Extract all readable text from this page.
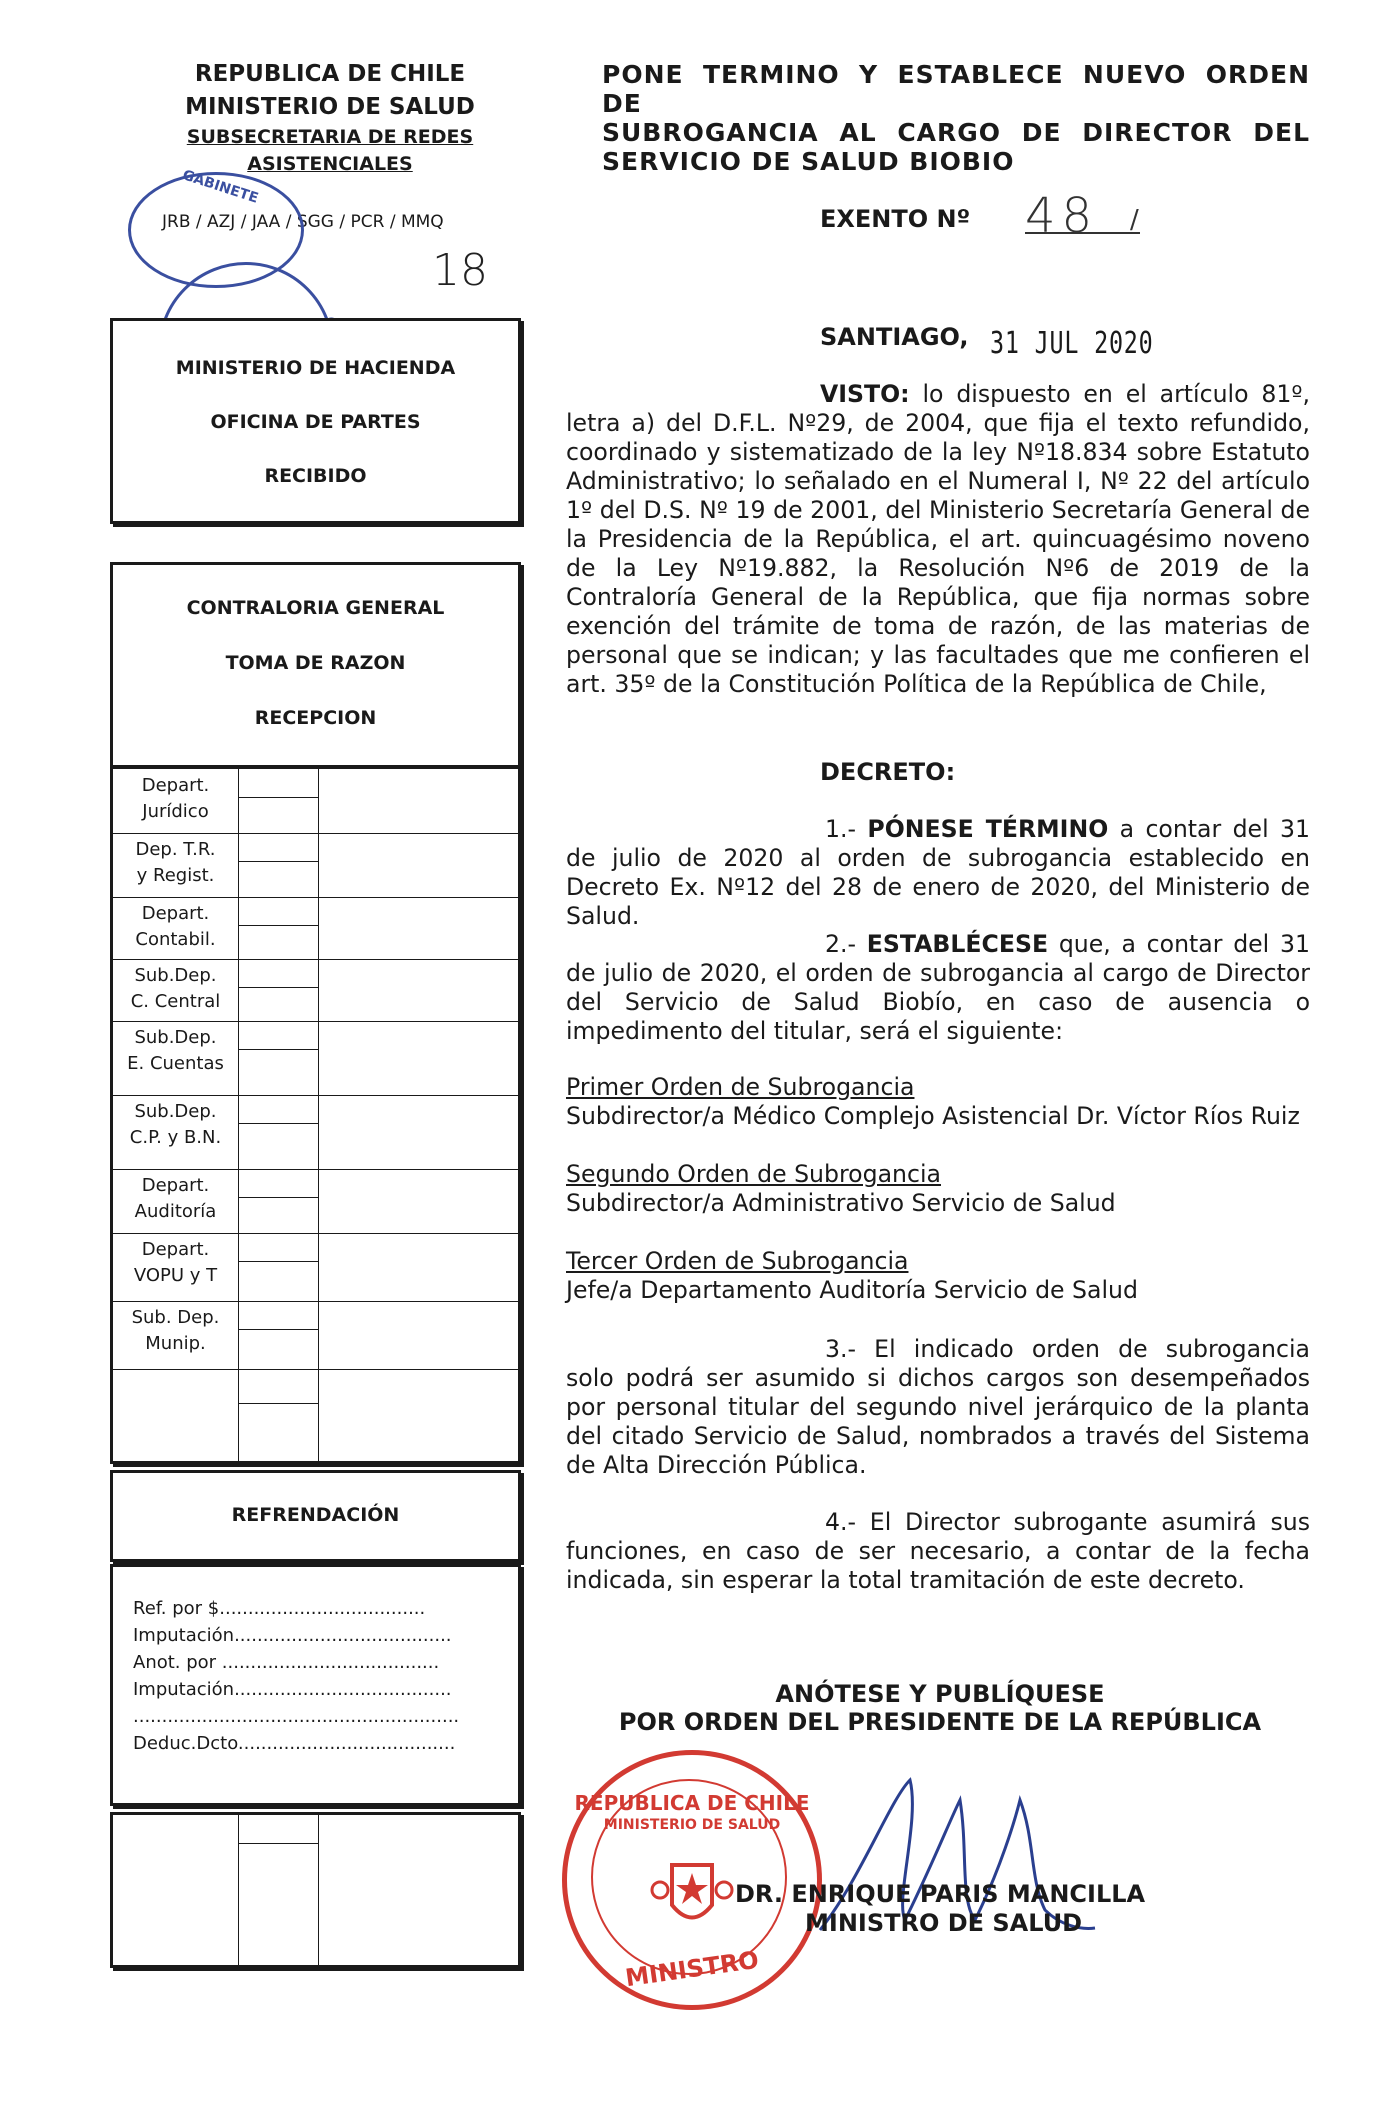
REPUBLICA DE CHILE
MINISTERIO DE SALUD
SUBSECRETARIA DE REDES
ASISTENCIALES
JRB / AZJ / JAA / SGG / PCR / MMQ
18
GABINETE
PONE TERMINO Y ESTABLECE NUEVO ORDEN DE
SUBROGANCIA AL CARGO DE DIRECTOR DEL
SERVICIO DE SALUD BIOBIO
EXENTO Nº 48 /
SANTIAGO, 31 JUL 2020
VISTO: lo dispuesto en el artículo 81º, letra a) del D.F.L. Nº29, de 2004, que fija el texto refundido, coordinado y sistematizado de la ley Nº18.834 sobre Estatuto Administrativo; lo señalado en el Numeral I, Nº 22 del artículo 1º del D.S. Nº 19 de 2001, del Ministerio Secretaría General de la Presidencia de la República, el art. quincuagésimo noveno de la Ley Nº19.882, la Resolución Nº6 de 2019 de la Contraloría General de la República, que fija normas sobre exención del trámite de toma de razón, de las materias de personal que se indican; y las facultades que me confieren el art. 35º de la Constitución Política de la República de Chile,
DECRETO:
1.- PÓNESE TÉRMINO a contar del 31 de julio de 2020 al orden de subrogancia establecido en Decreto Ex. Nº12 del 28 de enero de 2020, del Ministerio de Salud.
2.- ESTABLÉCESE que, a contar del 31 de julio de 2020, el orden de subrogancia al cargo de Director del Servicio de Salud Biobío, en caso de ausencia o impedimento del titular, será el siguiente:
Primer Orden de Subrogancia
Subdirector/a Médico Complejo Asistencial Dr. Víctor Ríos Ruiz
Segundo Orden de Subrogancia
Subdirector/a Administrativo Servicio de Salud
Tercer Orden de Subrogancia
Jefe/a Departamento Auditoría Servicio de Salud
3.- El indicado orden de subrogancia solo podrá ser asumido si dichos cargos son desempeñados por personal titular del segundo nivel jerárquico de la planta del citado Servicio de Salud, nombrados a través del Sistema de Alta Dirección Pública.
4.- El Director subrogante asumirá sus funciones, en caso de ser necesario, a contar de la fecha indicada, sin esperar la total tramitación de este decreto.
ANÓTESE Y PUBLÍQUESE
POR ORDEN DEL PRESIDENTE DE LA REPÚBLICA
REPUBLICA DE CHILE
MINISTERIO DE SALUD
MINISTRO
DR. ENRIQUE PARIS MANCILLA
MINISTRO DE SALUD
MINISTERIO DE HACIENDA
OFICINA DE PARTES
RECIBIDO
CONTRALORIA GENERAL
TOMA DE RAZON
RECEPCION
Depart.
Jurídico
Dep. T.R.
y Regist.
Depart.
Contabil.
Sub.Dep.
C. Central
Sub.Dep.
E. Cuentas
Sub.Dep.
C.P. y B.N.
Depart.
Auditoría
Depart.
VOPU y T
Sub. Dep.
Munip.
REFRENDACIÓN
Ref. por $....................................
Imputación......................................
Anot. por ......................................
Imputación......................................
.........................................................
Deduc.Dcto......................................
